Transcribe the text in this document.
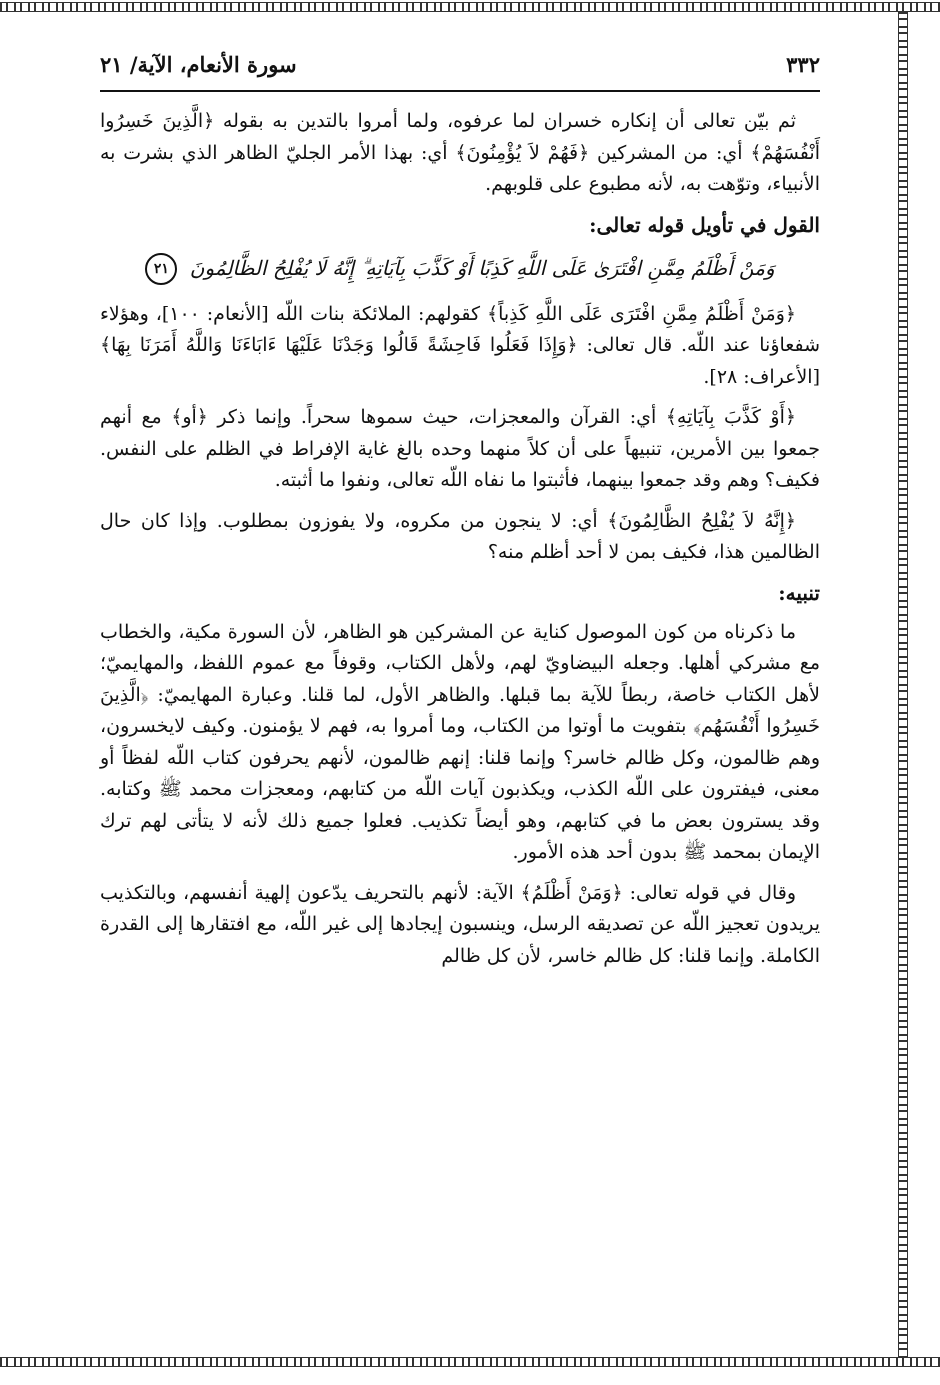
٣٣٢
سورة الأنعام، الآية/ ٢١

ثم بيّن تعالى أن إنكاره خسران لما عرفوه، ولما أمروا بالتدين به بقوله ﴿الَّذِينَ خَسِرُوا أَنْفُسَهُمْ﴾ أي: من المشركين ﴿فَهُمْ لاَ يُؤْمِنُونَ﴾ أي: بهذا الأمر الجليّ الظاهر الذي بشرت به الأنبياء، وتوّهت به، لأنه مطبوع على قلوبهم.

القول في تأويل قوله تعالى:
وَمَنْ أَظْلَمُ مِمَّنِ افْتَرَىٰ عَلَى اللَّهِ كَذِبًا أَوْ كَذَّبَ بِآيَاتِهِ ۗ إِنَّهُ لَا يُفْلِحُ الظَّالِمُونَ ٢١

﴿وَمَنْ أَظْلَمُ مِمَّنِ افْتَرَى عَلَى اللَّهِ كَذِباً﴾ كقولهم: الملائكة بنات اللّه [الأنعام: ١٠٠]، وهؤلاء شفعاؤنا عند اللّه. قال تعالى: ﴿وَإِذَا فَعَلُوا فَاحِشَةً قَالُوا وَجَدْنَا عَلَيْهَا ءَابَاءَنَا وَاللَّهُ أَمَرَنَا بِهَا﴾ [الأعراف: ٢٨].

﴿أَوْ كَذَّبَ بِآيَاتِهِ﴾ أي: القرآن والمعجزات، حيث سموها سحراً. وإنما ذكر ﴿أو﴾ مع أنهم جمعوا بين الأمرين، تنبيهاً على أن كلاً منهما وحده بالغ غاية الإفراط في الظلم على النفس. فكيف؟ وهم وقد جمعوا بينهما، فأثبتوا ما نفاه اللّه تعالى، ونفوا ما أثبته.

﴿إِنَّهُ لاَ يُفْلِحُ الظَّالِمُونَ﴾ أي: لا ينجون من مكروه، ولا يفوزون بمطلوب. وإذا كان حال الظالمين هذا، فكيف بمن لا أحد أظلم منه؟

تنبيه:

ما ذكرناه من كون الموصول كناية عن المشركين هو الظاهر، لأن السورة مكية، والخطاب مع مشركي أهلها. وجعله البيضاويّ لهم، ولأهل الكتاب، وقوفاً مع عموم اللفظ، والمهايميّ؛ لأهل الكتاب خاصة، ربطاً للآية بما قبلها. والظاهر الأول، لما قلنا. وعبارة المهايميّ: ﴿الَّذِينَ خَسِرُوا أَنْفُسَهُم﴾ بتفويت ما أوتوا من الكتاب، وما أمروا به، فهم لا يؤمنون. وكيف لايخسرون، وهم ظالمون، وكل ظالم خاسر؟ وإنما قلنا: إنهم ظالمون، لأنهم يحرفون كتاب اللّه لفظاً أو معنى، فيفترون على اللّه الكذب، ويكذبون آيات اللّه من كتابهم، ومعجزات محمد ﷺ وكتابه. وقد يسترون بعض ما في كتابهم، وهو أيضاً تكذيب. فعلوا جميع ذلك لأنه لا يتأتى لهم ترك الإيمان بمحمد ﷺ بدون أحد هذه الأمور.

وقال في قوله تعالى: ﴿وَمَنْ أَظْلَمُ﴾ الآية: لأنهم بالتحريف يدّعون إلهية أنفسهم، وبالتكذيب يريدون تعجيز اللّه عن تصديقه الرسل، وينسبون إيجادها إلى غير اللّه، مع افتقارها إلى القدرة الكاملة. وإنما قلنا: كل ظالم خاسر، لأن كل ظالم
